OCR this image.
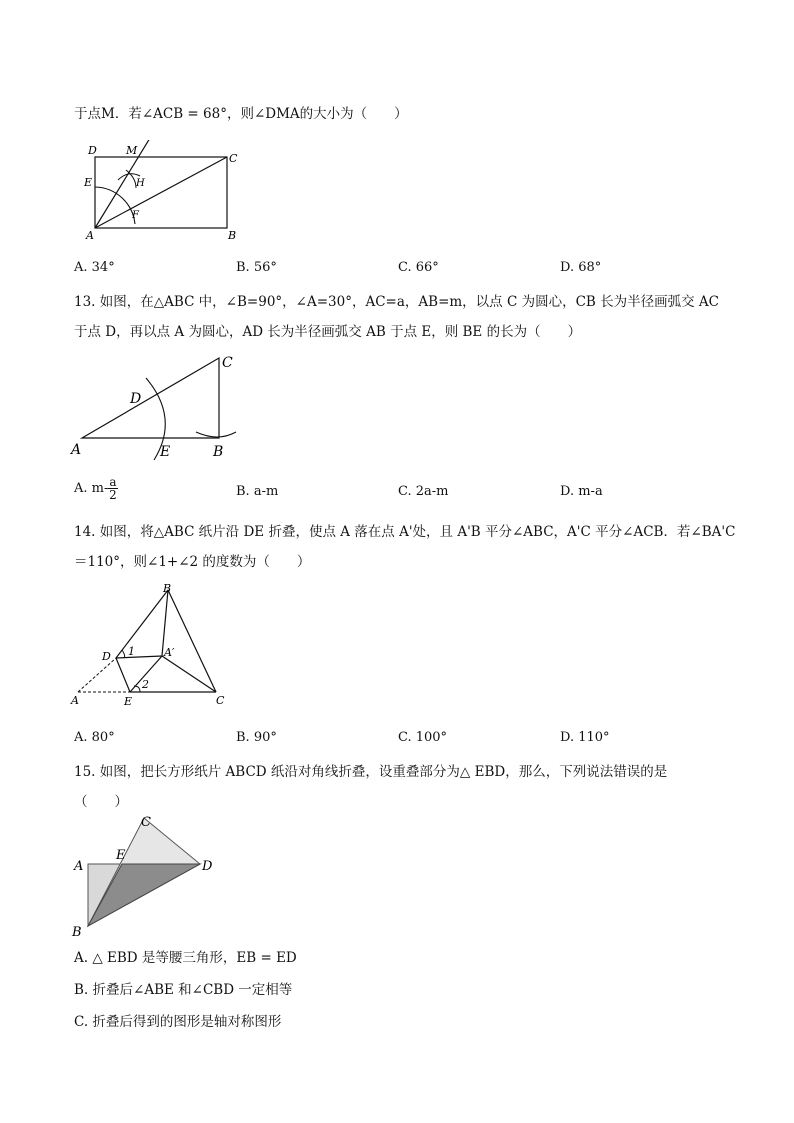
于点M．若∠ACB = 68°，则∠DMA的大小为（　　）
D	M
C
E	H
F
A	B
A. 34°	B. 56°	C. 66°	D. 68°
13. 如图，在△ABC 中，∠B=90°，∠A=30°，AC=a，AB=m，以点 C 为圆心，CB 长为半径画弧交 AC
于点 D，再以点 A 为圆心，AD 长为半径画弧交 AB 于点 E，则 BE 的长为（　　）
C
D
A	E	B
A. $m- \frac{a}{2}$	B. a-m	C. 2a-m	D. m-a
14. 如图，将△ABC 纸片沿 DE 折叠，使点 A 落在点 A'处，且 A'B 平分∠ABC，A'C 平分∠ACB．若∠BA'C
＝110°，则∠1+∠2 的度数为（　　）
B
D 1	A′
2
A	E	C
A. 80°	B. 90°	C. 100°	D. 110°
15. 如图，把长方形纸片 ABCD 纸沿对角线折叠，设重叠部分为△ EBD，那么，下列说法错误的是
（　　）
C
A
E
D
B
A. △ EBD 是等腰三角形，EB = ED
B. 折叠后∠ABE 和∠CBD 一定相等
C. 折叠后得到的图形是轴对称图形
